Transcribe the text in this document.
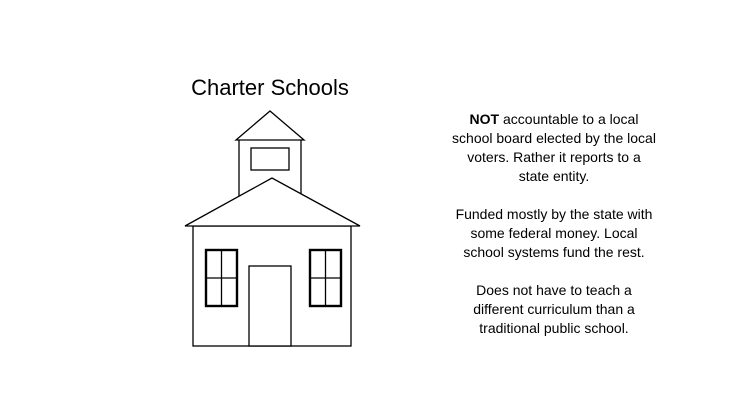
Charter Schools

NOT accountable to a local school board elected by the local voters. Rather it reports to a state entity.

Funded mostly by the state with some federal money. Local school systems fund the rest.

Does not have to teach a different curriculum than a traditional public school.
